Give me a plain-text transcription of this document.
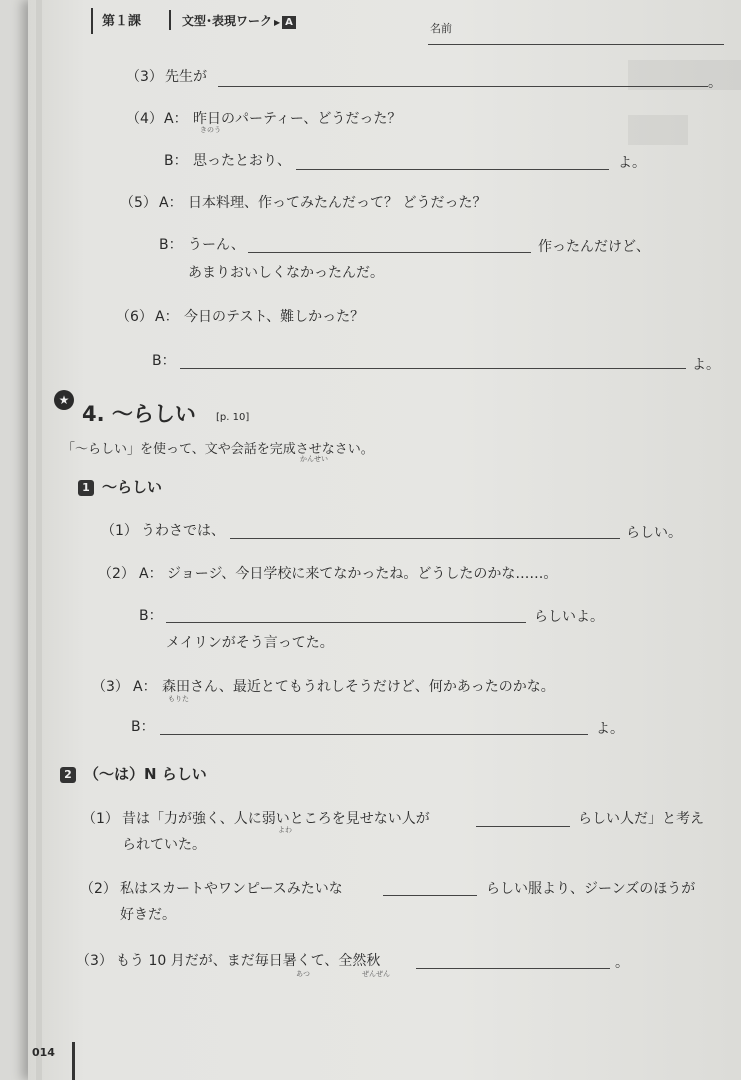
第１課	文型･表現ワーク ▶ A	名前
（3） 先生が	。
（4） A： 昨日のパーティー、どうだった？
きのう
B： 思ったとおり、	よ。
（5） A： 日本料理、作ってみたんだって？ どうだった？
B： うーん、	作ったんだけど、
あまりおいしくなかったんだ。
（6） A： 今日のテスト、難しかった？
B：	よ。
★
4. ～らしい [p. 10]
「～らしい」を使って、文や会話を完成させなさい。
かんせい
1 ～らしい
（1） うわさでは、	らしい。
（2） A： ジョージ、今日学校に来てなかったね。どうしたのかな……。
B：	らしいよ。
メイリンがそう言ってた。
（3） A： 森田さん、最近とてもうれしそうだけど、何かあったのかな。
もりた
B：	よ。
2 （～は）N らしい
（1） 昔は「力が強く、人に弱いところを見せない人が
よわ
らしい人だ」と考え
られていた。
（2） 私はスカートやワンピースみたいな	らしい服より、ジーンズのほうが
好きだ。
（3） もう 10 月だが、まだ毎日暑くて、全然秋
あつ	ぜんぜん
。
014
